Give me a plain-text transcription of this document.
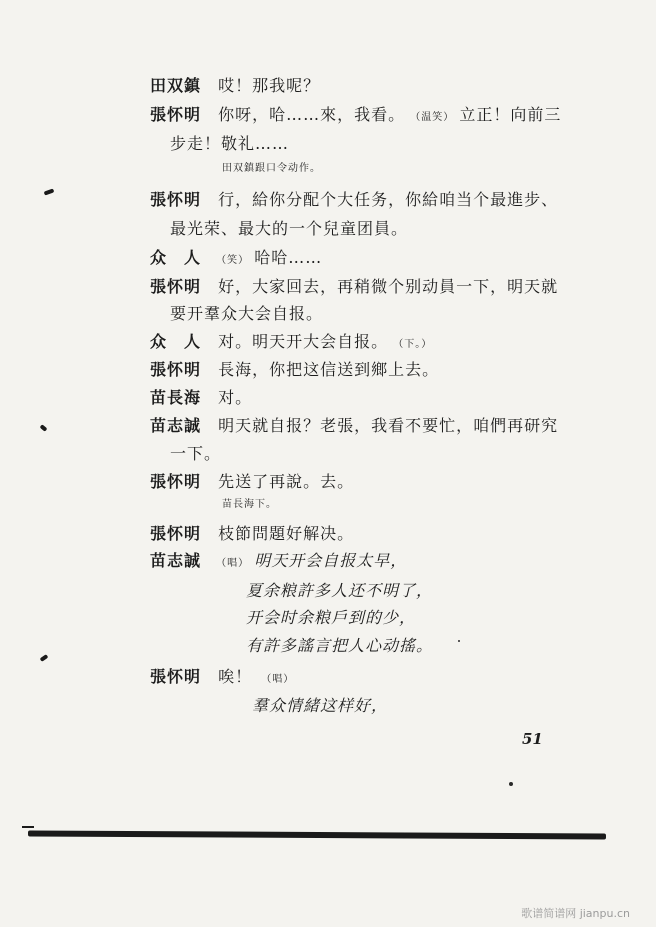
田双鎮 哎！那我呢？
張怀明 你呀，哈……來，我看。 （温笑） 立正！向前三
步走！敬礼……
田双鎮跟口令动作。
張怀明 行，給你分配个大任务，你給咱当个最進步、
最光荣、最大的一个兒童团員。
众　人 （笑） 哈哈……
張怀明 好，大家回去，再稍微个别动員一下，明天就
要开羣众大会自报。
众　人 对。明天开大会自报。 （下。）
張怀明 長海，你把这信送到鄉上去。
苗長海 对。
苗志誠 明天就自报？老張，我看不要忙，咱們再研究
一下。
張怀明 先送了再說。去。
苗長海下。
張怀明 枝節問題好解决。
苗志誠 （唱） 明天开会自报太早，
夏余粮許多人还不明了，
开会时余粮戶到的少，
有許多謠言把人心动搖。
張怀明 唉！ （唱）
羣众情緒这样好，
51
歌谱简谱网 jianpu.cn
